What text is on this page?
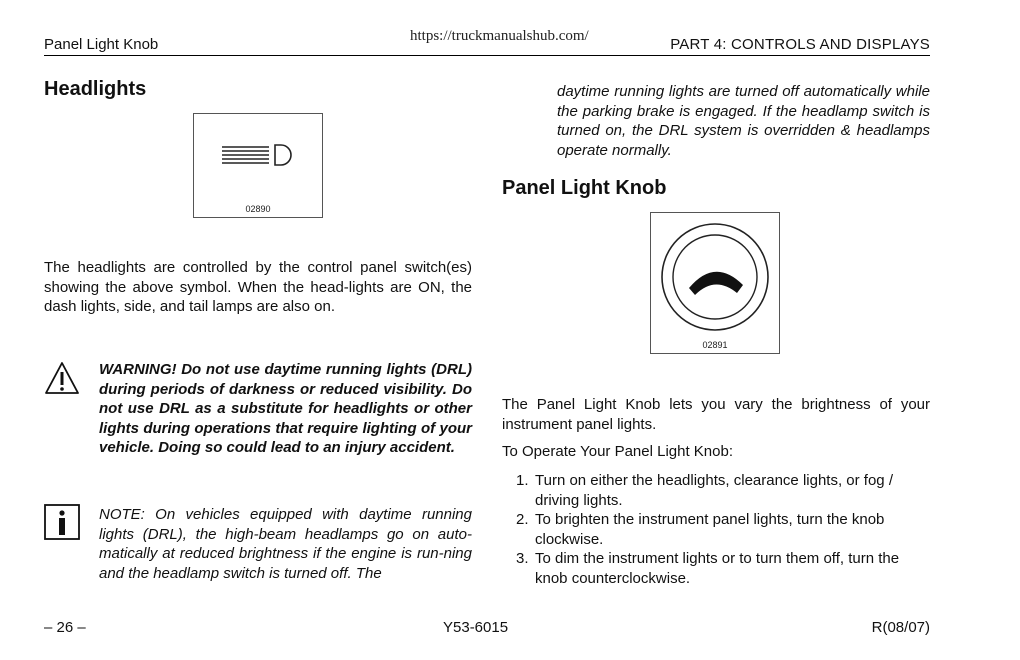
https://truckmanualshub.com/
Panel Light Knob	PART 4: CONTROLS AND DISPLAYS
Headlights
02890
The headlights are controlled by the control panel switch(es) showing the above symbol. When the head-lights are ON, the dash lights, side, and tail lamps are also on.
WARNING! Do not use daytime running lights (DRL) during periods of darkness or reduced visibility. Do not use DRL as a substitute for headlights or other lights during operations that require lighting of your vehicle. Doing so could lead to an injury accident.
NOTE: On vehicles equipped with daytime running lights (DRL), the high-beam headlamps go on auto-matically at reduced brightness if the engine is run-ning and the headlamp switch is turned off. The
daytime running lights are turned off automatically while the parking brake is engaged. If the headlamp switch is turned on, the DRL system is overridden & headlamps operate normally.
Panel Light Knob
02891
The Panel Light Knob lets you vary the brightness of your instrument panel lights.
To Operate Your Panel Light Knob:
1. Turn on either the headlights, clearance lights, or fog / driving lights.
2. To brighten the instrument panel lights, turn the knob clockwise.
3. To dim the instrument lights or to turn them off, turn the knob counterclockwise.
– 26 –	Y53-6015	R(08/07)
